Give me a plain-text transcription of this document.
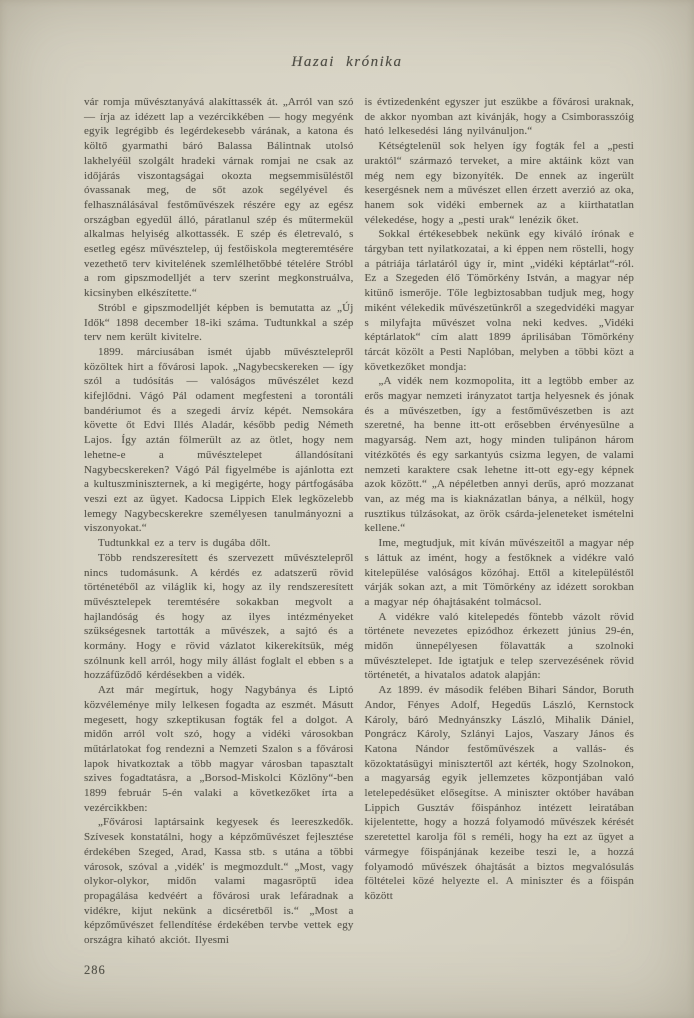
Hazai krónika

vár romja művésztanyává alakíttassék át. „Arról van szó — írja az idézett lap a vezércikkében — hogy megyénk egyik legrégibb és legérdekesebb várának, a katona és költő gyarmathi báró Balassa Bálintnak utolsó lakhelyéül szolgált hradeki várnak romjai ne csak az időjárás viszontagságai okozta megsemmisüléstől óvassanak meg, de sőt azok segélyével és felhasználásával festőművészek részére egy az egész országban egyedül álló, páratlanul szép és műtermekül alkalmas helyiség alkottassék. E szép és életrevaló, s esetleg egész művésztelep, új festőiskola megteremtésére vezethető terv kivitelének szemlélhetőbbé tételére Stróbl a rom gipszmodelljét a terv szerint megkonstruálva, kicsinyben elkészítette.“

Stróbl e gipszmodelljét képben is bemutatta az „Új Idők“ 1898 december 18-iki száma. Tudtunkkal a szép terv nem került kivitelre.

1899. márciusában ismét újabb művésztelepről közöltek hirt a fővárosi lapok. „Nagybecskereken — így szól a tudósítás — valóságos művészélet kezd kifejlődni. Vágó Pál odament megfesteni a torontáli bandériumot és a szegedi árvíz képét. Nemsokára követte őt Edvi Illés Aladár, később pedig Németh Lajos. Így aztán fölmerült az az ötlet, hogy nem lehetne-e a művésztelepet állandósítani Nagybecskereken? Vágó Pál figyelmébe is ajánlotta ezt a kultuszminiszternek, a ki megigérte, hogy pártfogásába veszi ezt az ügyet. Kadocsa Lippich Elek legközelebb lemegy Nagybecskerekre személyesen tanulmányozni a viszonyokat.“

Tudtunkkal ez a terv is dugába dőlt.

Több rendszeresített és szervezett művésztelepről nincs tudomásunk. A kérdés ez adatszerű rövid történetéből az világlik ki, hogy az ily rendszeresített művésztelepek teremtésére sokakban megvolt a hajlandóság és hogy az ilyes intézményeket szükségesnek tartották a művészek, a sajtó és a kormány. Hogy e rövid vázlatot kikerekítsük, még szólnunk kell arról, hogy mily állást foglalt el ebben s a hozzáfűződő kérdésekben a vidék.

Azt már megírtuk, hogy Nagybánya és Liptó közvéleménye mily lelkesen fogadta az eszmét. Másutt megesett, hogy szkeptikusan fogták fel a dolgot. A midőn arról volt szó, hogy a vidéki városokban műtárlatokat fog rendezni a Nemzeti Szalon s a fővárosi lapok hivatkoztak a több magyar városban tapasztalt szives fogadtatásra, a „Borsod-Miskolci Közlöny“-ben 1899 február 5-én valaki a következőket írta a vezércikkben:

„Fővárosi laptársaink kegyesek és leereszkedők. Szívesek konstatálni, hogy a képzőművészet fejlesztése érdekében Szeged, Arad, Kassa stb. s utána a többi városok, szóval a ,vidék' is megmozdult.“ „Most, vagy olykor-olykor, midőn valami magasröptű idea propagálása kedvéért a fővárosi urak lefáradnak a vidékre, kijut nekünk a dicséretből is.“ „Most a képzőművészet fellendítése érdekében tervbe vettek egy országra kiható akciót. Ilyesmi

is évtizedenként egyszer jut eszükbe a fővárosi uraknak, de akkor nyomban azt kivánják, hogy a Csimborasszóig ható lelkesedési láng nyilvánuljon.“

Kétségtelenül sok helyen így fogták fel a „pesti uraktól“ származó terveket, a mire aktáink közt van még nem egy bizonyíték. De ennek az ingerült kesergésnek nem a művészet ellen érzett averzió az oka, hanem sok vidéki embernek az a kiirthatatlan vélekedése, hogy a „pesti urak“ lenézik őket.

Sokkal értékesebbek nekünk egy kiváló írónak e tárgyban tett nyilatkozatai, a ki éppen nem röstelli, hogy a pátriája tárlatáról úgy ír, mint „vidéki képtárlat“-ról. Ez a Szegeden élő Tömörkény István, a magyar nép kitünő ismerője. Tőle legbiztosabban tudjuk meg, hogy miként vélekedik művészetünkről a szegedvidéki magyar s milyfajta művészet volna neki kedves. „Vidéki képtárlatok“ cím alatt 1899 áprilisában Tömörkény tárcát közölt a Pesti Naplóban, melyben a többi közt a következőket mondja:

„A vidék nem kozmopolita, itt a legtöbb ember az erős magyar nemzeti irányzatot tartja helyesnek és jónak és a művészetben, így a festőművészetben is azt szeretné, ha benne itt-ott erősebben érvényesülne a magyarság. Nem azt, hogy minden tulipánon három vitézkötés és egy sarkantyús csizma legyen, de valami nemzeti karaktere csak lehetne itt-ott egy-egy képnek azok között.“ „A népéletben annyi derűs, apró mozzanat van, az még ma is kiaknázatlan bánya, a nélkül, hogy rusztikus túlzásokat, az örök csárda-jeleneteket ismételni kellene.“

Ime, megtudjuk, mit kíván művészeitől a magyar nép s láttuk az imént, hogy a festőknek a vidékre való kitelepülése valóságos közóhaj. Ettől a kitelepüléstől várják sokan azt, a mit Tömörkény az idézett sorokban a magyar nép óhajtásaként tolmácsol.

A vidékre való kitelepedés föntebb vázolt rövid története nevezetes epizódhoz érkezett június 29-én, midőn ünnepélyesen fölavatták a szolnoki művésztelepet. Ide igtatjuk e telep szervezésének rövid történetét, a hivatalos adatok alapján:

Az 1899. év második felében Bihari Sándor, Boruth Andor, Fényes Adolf, Hegedűs László, Kernstock Károly, báró Mednyánszky László, Mihalik Dániel, Pongrácz Károly, Szlányi Lajos, Vaszary János és Katona Nándor festőművészek a vallás- és közoktatásügyi minisztertől azt kérték, hogy Szolnokon, a magyarság egyik jellemzetes központjában való letelepedésüket elősegítse. A miniszter október havában Lippich Gusztáv főispánhoz intézett leiratában kijelentette, hogy a hozzá folyamodó művészek kérését szeretettel karolja föl s reméli, hogy ha ezt az ügyet a vármegye főispánjának kezeibe teszi le, a hozzá folyamodó művészek óhajtását a biztos megvalósulás föltételei közé helyezte el. A miniszter és a főispán között

286
